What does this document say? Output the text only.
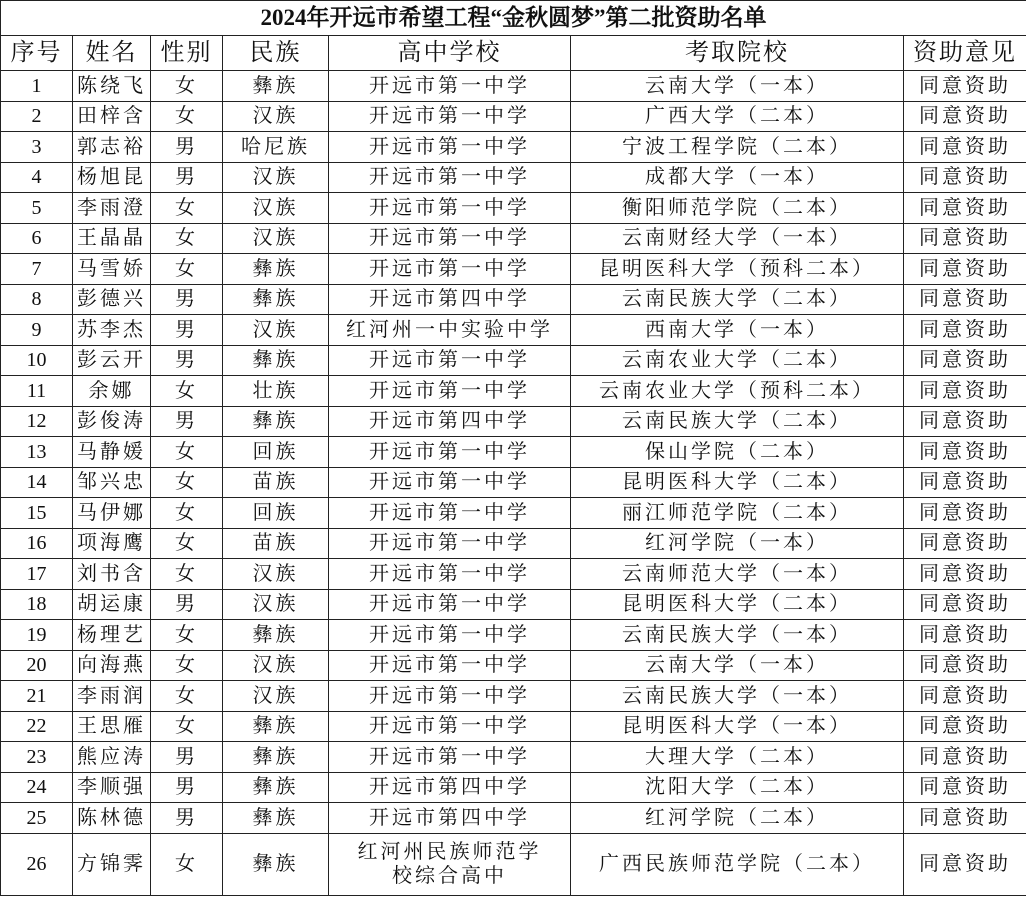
2024年开远市希望工程“金秋圆梦”第二批资助名单						
序号	姓名	性别	民族	高中学校	考取院校	资助意见
1	陈绕飞	女	彝族	开远市第一中学	云南大学（一本）	同意资助
2	田梓含	女	汉族	开远市第一中学	广西大学（二本）	同意资助
3	郭志裕	男	哈尼族	开远市第一中学	宁波工程学院（二本）	同意资助
4	杨旭昆	男	汉族	开远市第一中学	成都大学（一本）	同意资助
5	李雨澄	女	汉族	开远市第一中学	衡阳师范学院（二本）	同意资助
6	王晶晶	女	汉族	开远市第一中学	云南财经大学（一本）	同意资助
7	马雪娇	女	彝族	开远市第一中学	昆明医科大学（预科二本）	同意资助
8	彭德兴	男	彝族	开远市第四中学	云南民族大学（二本）	同意资助
9	苏李杰	男	汉族	红河州一中实验中学	西南大学（一本）	同意资助
10	彭云开	男	彝族	开远市第一中学	云南农业大学（二本）	同意资助
11	余娜	女	壮族	开远市第一中学	云南农业大学（预科二本）	同意资助
12	彭俊涛	男	彝族	开远市第四中学	云南民族大学（二本）	同意资助
13	马静媛	女	回族	开远市第一中学	保山学院（二本）	同意资助
14	邹兴忠	女	苗族	开远市第一中学	昆明医科大学（二本）	同意资助
15	马伊娜	女	回族	开远市第一中学	丽江师范学院（二本）	同意资助
16	项海鹰	女	苗族	开远市第一中学	红河学院（一本）	同意资助
17	刘书含	女	汉族	开远市第一中学	云南师范大学（一本）	同意资助
18	胡运康	男	汉族	开远市第一中学	昆明医科大学（二本）	同意资助
19	杨理艺	女	彝族	开远市第一中学	云南民族大学（一本）	同意资助
20	向海燕	女	汉族	开远市第一中学	云南大学（一本）	同意资助
21	李雨润	女	汉族	开远市第一中学	云南民族大学（一本）	同意资助
22	王思雁	女	彝族	开远市第一中学	昆明医科大学（一本）	同意资助
23	熊应涛	男	彝族	开远市第一中学	大理大学（二本）	同意资助
24	李顺强	男	彝族	开远市第四中学	沈阳大学（二本）	同意资助
25	陈林德	男	彝族	开远市第四中学	红河学院（二本）	同意资助
26	方锦霁	女	彝族	红河州民族师范学校综合高中	广西民族师范学院（二本）	同意资助
